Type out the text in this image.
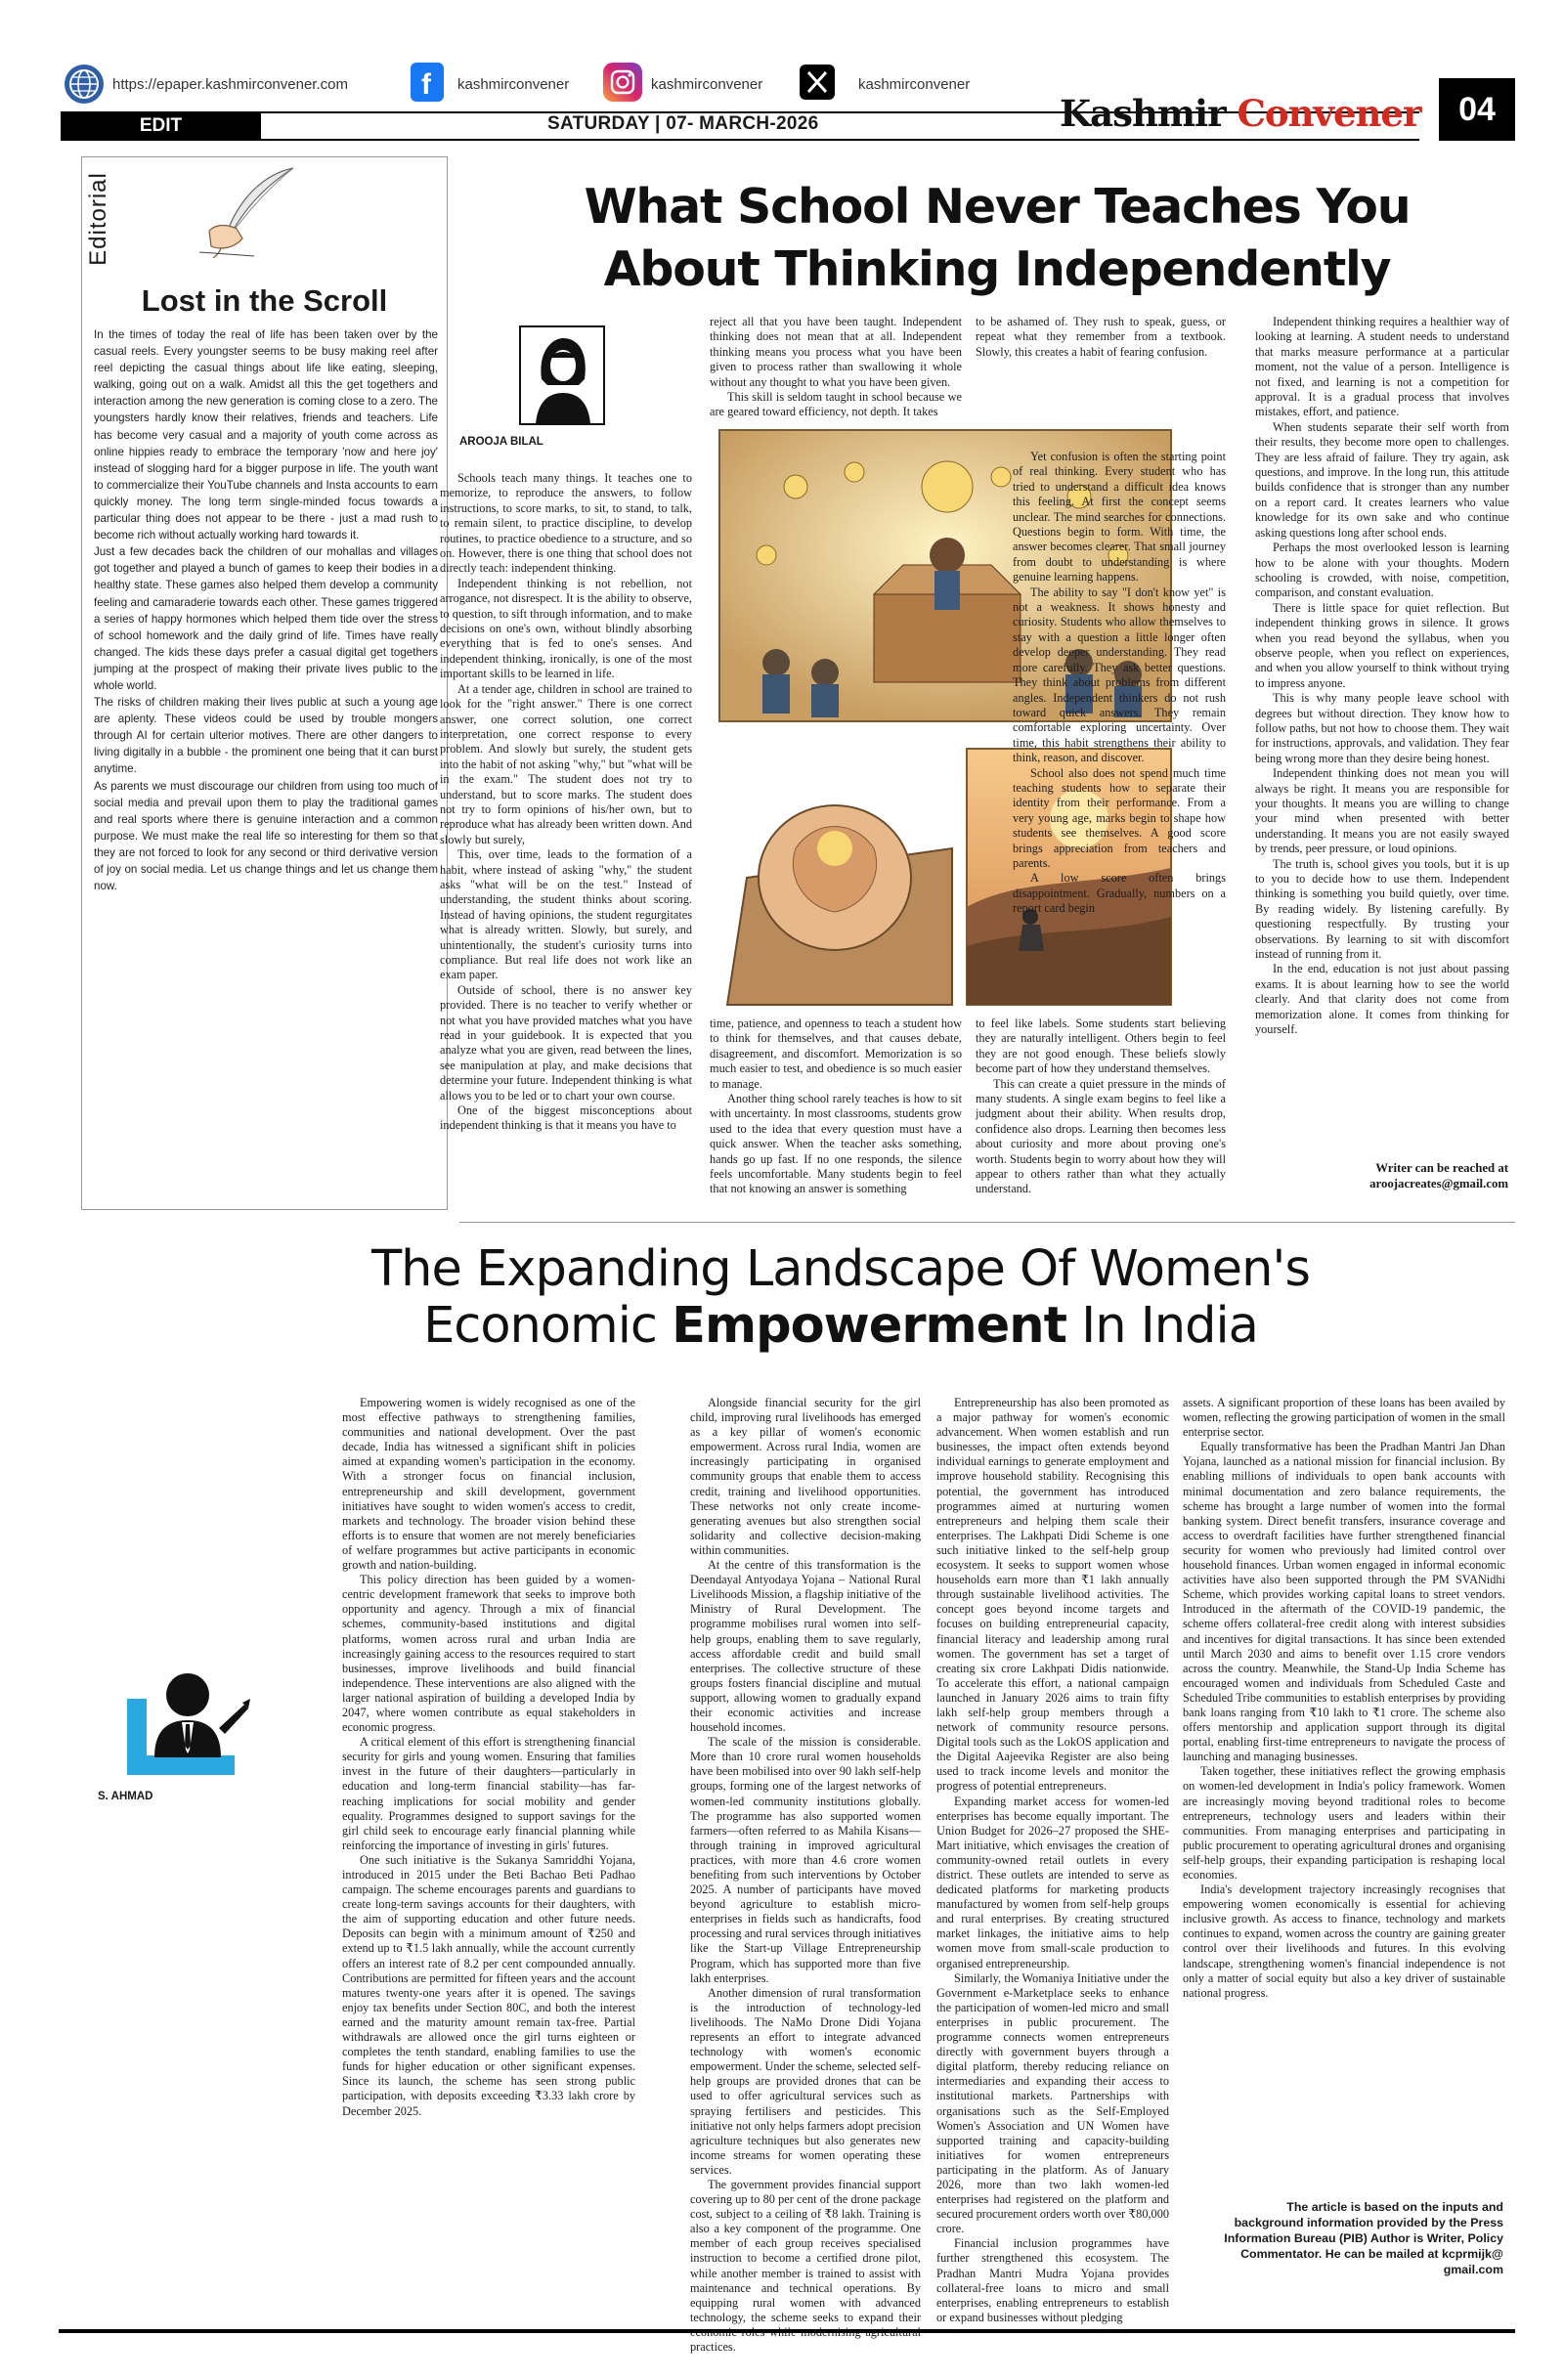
https://epaper.kashmirconvener.com	f kashmirconvener	kashmirconvener	kashmirconvener
EDIT	SATURDAY | 07- MARCH-2026	Kashmir Convener	04
Editorial
Lost in the Scroll

In the times of today the real of life has been taken over by the casual reels. Every youngster seems to be busy making reel after reel depicting the casual things about life like eating, sleeping, walking, going out on a walk. Amidst all this the get togethers and interaction among the new generation is coming close to a zero. The youngsters hardly know their relatives, friends and teachers. Life has become very casual and a majority of youth come across as online hippies ready to embrace the temporary 'now and here joy' instead of slogging hard for a bigger purpose in life. The youth want to commercialize their YouTube channels and Insta accounts to earn quickly money. The long term single-minded focus towards a particular thing does not appear to be there - just a mad rush to become rich without actually working hard towards it.

Just a few decades back the children of our mohallas and villages got together and played a bunch of games to keep their bodies in a healthy state. These games also helped them develop a community feeling and camaraderie towards each other. These games triggered a series of happy hormones which helped them tide over the stress of school homework and the daily grind of life. Times have really changed. The kids these days prefer a casual digital get togethers jumping at the prospect of making their private lives public to the whole world.

The risks of children making their lives public at such a young age are aplenty. These videos could be used by trouble mongers through AI for certain ulterior motives. There are other dangers to living digitally in a bubble - the prominent one being that it can burst anytime.

As parents we must discourage our children from using too much of social media and prevail upon them to play the traditional games and real sports where there is genuine interaction and a common purpose. We must make the real life so interesting for them so that they are not forced to look for any second or third derivative version of joy on social media. Let us change things and let us change them now.

What School Never Teaches You
About Thinking Independently
AROOJA BILAL

Schools teach many things. It teaches one to memorize, to reproduce the answers, to follow instructions, to score marks, to sit, to stand, to talk, to remain silent, to practice discipline, to develop routines, to practice obedience to a structure, and so on. However, there is one thing that school does not directly teach: independent thinking.

Independent thinking is not rebellion, not arrogance, not disrespect. It is the ability to observe, to question, to sift through information, and to make decisions on one's own, without blindly absorbing everything that is fed to one's senses. And independent thinking, ironically, is one of the most important skills to be learned in life.

At a tender age, children in school are trained to look for the "right answer." There is one correct answer, one correct solution, one correct interpretation, one correct response to every problem. And slowly but surely, the student gets into the habit of not asking "why," but "what will be in the exam." The student does not try to understand, but to score marks. The student does not try to form opinions of his/her own, but to reproduce what has already been written down. And slowly but surely,

This, over time, leads to the formation of a habit, where instead of asking "why," the student asks "what will be on the test." Instead of understanding, the student thinks about scoring. Instead of having opinions, the student regurgitates what is already written. Slowly, but surely, and unintentionally, the student's curiosity turns into compliance. But real life does not work like an exam paper.

Outside of school, there is no answer key provided. There is no teacher to verify whether or not what you have provided matches what you have read in your guidebook. It is expected that you analyze what you are given, read between the lines, see manipulation at play, and make decisions that determine your future. Independent thinking is what allows you to be led or to chart your own course.

One of the biggest misconceptions about independent thinking is that it means you have to

reject all that you have been taught. Independent thinking does not mean that at all. Independent thinking means you process what you have been given to process rather than swallowing it whole without any thought to what you have been given.

This skill is seldom taught in school because we are geared toward efficiency, not depth. It takes

to be ashamed of. They rush to speak, guess, or repeat what they remember from a textbook. Slowly, this creates a habit of fearing confusion.

time, patience, and openness to teach a student how to think for themselves, and that causes debate, disagreement, and discomfort. Memorization is so much easier to test, and obedience is so much easier to manage.

Another thing school rarely teaches is how to sit with uncertainty. In most classrooms, students grow used to the idea that every question must have a quick answer. When the teacher asks something, hands go up fast. If no one responds, the silence feels uncomfortable. Many students begin to feel that not knowing an answer is something

Yet confusion is often the starting point of real thinking. Every student who has tried to understand a difficult idea knows this feeling. At first the concept seems unclear. The mind searches for connections. Questions begin to form. With time, the answer becomes clearer. That small journey from doubt to understanding is where genuine learning happens.

The ability to say "I don't know yet" is not a weakness. It shows honesty and curiosity. Students who allow themselves to stay with a question a little longer often develop deeper understanding. They read more carefully. They ask better questions. They think about problems from different angles. Independent thinkers do not rush toward quick answers. They remain comfortable exploring uncertainty. Over time, this habit strengthens their ability to think, reason, and discover.

School also does not spend much time teaching students how to separate their identity from their performance. From a very young age, marks begin to shape how students see themselves. A good score brings appreciation from teachers and parents.

A low score often brings disappointment. Gradually, numbers on a report card begin

to feel like labels. Some students start believing they are naturally intelligent. Others begin to feel they are not good enough. These beliefs slowly become part of how they understand themselves.

This can create a quiet pressure in the minds of many students. A single exam begins to feel like a judgment about their ability. When results drop, confidence also drops. Learning then becomes less about curiosity and more about proving one's worth. Students begin to worry about how they will appear to others rather than what they actually understand.

Independent thinking requires a healthier way of looking at learning. A student needs to understand that marks measure performance at a particular moment, not the value of a person. Intelligence is not fixed, and learning is not a competition for approval. It is a gradual process that involves mistakes, effort, and patience.

When students separate their self worth from their results, they become more open to challenges. They are less afraid of failure. They try again, ask questions, and improve. In the long run, this attitude builds confidence that is stronger than any number on a report card. It creates learners who value knowledge for its own sake and who continue asking questions long after school ends.

Perhaps the most overlooked lesson is learning how to be alone with your thoughts. Modern schooling is crowded, with noise, competition, comparison, and constant evaluation.

There is little space for quiet reflection. But independent thinking grows in silence. It grows when you read beyond the syllabus, when you observe people, when you reflect on experiences, and when you allow yourself to think without trying to impress anyone.

This is why many people leave school with degrees but without direction. They know how to follow paths, but not how to choose them. They wait for instructions, approvals, and validation. They fear being wrong more than they desire being honest.

Independent thinking does not mean you will always be right. It means you are responsible for your thoughts. It means you are willing to change your mind when presented with better understanding. It means you are not easily swayed by trends, peer pressure, or loud opinions.

The truth is, school gives you tools, but it is up to you to decide how to use them. Independent thinking is something you build quietly, over time. By reading widely. By listening carefully. By questioning respectfully. By trusting your observations. By learning to sit with discomfort instead of running from it.

In the end, education is not just about passing exams. It is about learning how to see the world clearly. And that clarity does not come from memorization alone. It comes from thinking for yourself.

Writer can be reached at
aroojacreates@gmail.com
The Expanding Landscape Of Women's
Economic Empowerment In India
S. AHMAD

Empowering women is widely recognised as one of the most effective pathways to strengthening families, communities and national development. Over the past decade, India has witnessed a significant shift in policies aimed at expanding women's participation in the economy. With a stronger focus on financial inclusion, entrepreneurship and skill development, government initiatives have sought to widen women's access to credit, markets and technology. The broader vision behind these efforts is to ensure that women are not merely beneficiaries of welfare programmes but active participants in economic growth and nation-building.

This policy direction has been guided by a women-centric development framework that seeks to improve both opportunity and agency. Through a mix of financial schemes, community-based institutions and digital platforms, women across rural and urban India are increasingly gaining access to the resources required to start businesses, improve livelihoods and build financial independence. These interventions are also aligned with the larger national aspiration of building a developed India by 2047, where women contribute as equal stakeholders in economic progress.

A critical element of this effort is strengthening financial security for girls and young women. Ensuring that families invest in the future of their daughters—particularly in education and long-term financial stability—has far-reaching implications for social mobility and gender equality. Programmes designed to support savings for the girl child seek to encourage early financial planning while reinforcing the importance of investing in girls' futures.

One such initiative is the Sukanya Samriddhi Yojana, introduced in 2015 under the Beti Bachao Beti Padhao campaign. The scheme encourages parents and guardians to create long-term savings accounts for their daughters, with the aim of supporting education and other future needs. Deposits can begin with a minimum amount of ₹250 and extend up to ₹1.5 lakh annually, while the account currently offers an interest rate of 8.2 per cent compounded annually. Contributions are permitted for fifteen years and the account matures twenty-one years after it is opened. The savings enjoy tax benefits under Section 80C, and both the interest earned and the maturity amount remain tax-free. Partial withdrawals are allowed once the girl turns eighteen or completes the tenth standard, enabling families to use the funds for higher education or other significant expenses. Since its launch, the scheme has seen strong public participation, with deposits exceeding ₹3.33 lakh crore by December 2025.

Alongside financial security for the girl child, improving rural livelihoods has emerged as a key pillar of women's economic empowerment. Across rural India, women are increasingly participating in organised community groups that enable them to access credit, training and livelihood opportunities. These networks not only create income-generating avenues but also strengthen social solidarity and collective decision-making within communities.

At the centre of this transformation is the Deendayal Antyodaya Yojana – National Rural Livelihoods Mission, a flagship initiative of the Ministry of Rural Development. The programme mobilises rural women into self-help groups, enabling them to save regularly, access affordable credit and build small enterprises. The collective structure of these groups fosters financial discipline and mutual support, allowing women to gradually expand their economic activities and increase household incomes.

The scale of the mission is considerable. More than 10 crore rural women households have been mobilised into over 90 lakh self-help groups, forming one of the largest networks of women-led community institutions globally. The programme has also supported women farmers—often referred to as Mahila Kisans—through training in improved agricultural practices, with more than 4.6 crore women benefiting from such interventions by October 2025. A number of participants have moved beyond agriculture to establish micro-enterprises in fields such as handicrafts, food processing and rural services through initiatives like the Start-up Village Entrepreneurship Program, which has supported more than five lakh enterprises.

Another dimension of rural transformation is the introduction of technology-led livelihoods. The NaMo Drone Didi Yojana represents an effort to integrate advanced technology with women's economic empowerment. Under the scheme, selected self-help groups are provided drones that can be used to offer agricultural services such as spraying fertilisers and pesticides. This initiative not only helps farmers adopt precision agriculture techniques but also generates new income streams for women operating these services.

The government provides financial support covering up to 80 per cent of the drone package cost, subject to a ceiling of ₹8 lakh. Training is also a key component of the programme. One member of each group receives specialised instruction to become a certified drone pilot, while another member is trained to assist with maintenance and technical operations. By equipping rural women with advanced technology, the scheme seeks to expand their economic roles while modernising agricultural practices.

Entrepreneurship has also been promoted as a major pathway for women's economic advancement. When women establish and run businesses, the impact often extends beyond individual earnings to generate employment and improve household stability. Recognising this potential, the government has introduced programmes aimed at nurturing women entrepreneurs and helping them scale their enterprises. The Lakhpati Didi Scheme is one such initiative linked to the self-help group ecosystem. It seeks to support women whose households earn more than ₹1 lakh annually through sustainable livelihood activities. The concept goes beyond income targets and focuses on building entrepreneurial capacity, financial literacy and leadership among rural women. The government has set a target of creating six crore Lakhpati Didis nationwide. To accelerate this effort, a national campaign launched in January 2026 aims to train fifty lakh self-help group members through a network of community resource persons. Digital tools such as the LokOS application and the Digital Aajeevika Register are also being used to track income levels and monitor the progress of potential entrepreneurs.

Expanding market access for women-led enterprises has become equally important. The Union Budget for 2026–27 proposed the SHE-Mart initiative, which envisages the creation of community-owned retail outlets in every district. These outlets are intended to serve as dedicated platforms for marketing products manufactured by women from self-help groups and rural enterprises. By creating structured market linkages, the initiative aims to help women move from small-scale production to organised entrepreneurship.

Similarly, the Womaniya Initiative under the Government e-Marketplace seeks to enhance the participation of women-led micro and small enterprises in public procurement. The programme connects women entrepreneurs directly with government buyers through a digital platform, thereby reducing reliance on intermediaries and expanding their access to institutional markets. Partnerships with organisations such as the Self-Employed Women's Association and UN Women have supported training and capacity-building initiatives for women entrepreneurs participating in the platform. As of January 2026, more than two lakh women-led enterprises had registered on the platform and secured procurement orders worth over ₹80,000 crore.

Financial inclusion programmes have further strengthened this ecosystem. The Pradhan Mantri Mudra Yojana provides collateral-free loans to micro and small enterprises, enabling entrepreneurs to establish or expand businesses without pledging

assets. A significant proportion of these loans has been availed by women, reflecting the growing participation of women in the small enterprise sector.

Equally transformative has been the Pradhan Mantri Jan Dhan Yojana, launched as a national mission for financial inclusion. By enabling millions of individuals to open bank accounts with minimal documentation and zero balance requirements, the scheme has brought a large number of women into the formal banking system. Direct benefit transfers, insurance coverage and access to overdraft facilities have further strengthened financial security for women who previously had limited control over household finances. Urban women engaged in informal economic activities have also been supported through the PM SVANidhi Scheme, which provides working capital loans to street vendors. Introduced in the aftermath of the COVID-19 pandemic, the scheme offers collateral-free credit along with interest subsidies and incentives for digital transactions. It has since been extended until March 2030 and aims to benefit over 1.15 crore vendors across the country. Meanwhile, the Stand-Up India Scheme has encouraged women and individuals from Scheduled Caste and Scheduled Tribe communities to establish enterprises by providing bank loans ranging from ₹10 lakh to ₹1 crore. The scheme also offers mentorship and application support through its digital portal, enabling first-time entrepreneurs to navigate the process of launching and managing businesses.

Taken together, these initiatives reflect the growing emphasis on women-led development in India's policy framework. Women are increasingly moving beyond traditional roles to become entrepreneurs, technology users and leaders within their communities. From managing enterprises and participating in public procurement to operating agricultural drones and organising self-help groups, their expanding participation is reshaping local economies.

India's development trajectory increasingly recognises that empowering women economically is essential for achieving inclusive growth. As access to finance, technology and markets continues to expand, women across the country are gaining greater control over their livelihoods and futures. In this evolving landscape, strengthening women's financial independence is not only a matter of social equity but also a key driver of sustainable national progress.

The article is based on the inputs and
background information provided by the Press
Information Bureau (PIB) Author is Writer, Policy
Commentator. He can be mailed at kcprmijk@
gmail.com
